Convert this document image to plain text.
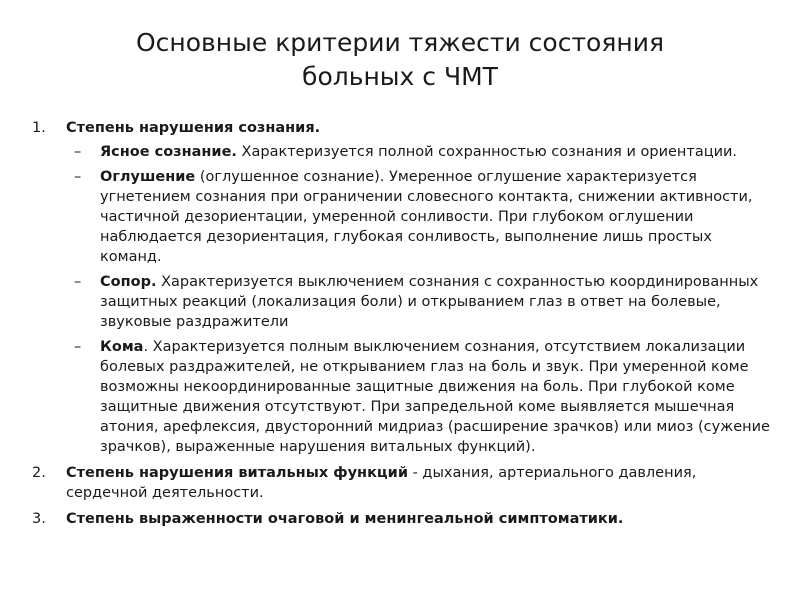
Основные критерии тяжести состояния
больных с ЧМТ
1.	Степень нарушения сознания.
– Ясное сознание. Характеризуется полной сохранностью сознания и ориентации.
– Оглушение (оглушенное сознание). Умеренное оглушение характеризуется угнетением сознания при ограничении словесного контакта, снижении активности, частичной дезориентации, умеренной сонливости. При глубоком оглушении наблюдается дезориентация, глубокая сонливость, выполнение лишь простых команд.
– Сопор. Характеризуется выключением сознания с сохранностью координированных защитных реакций (локализация боли) и открыванием глаз в ответ на болевые, звуковые раздражители
– Кома. Характеризуется полным выключением сознания, отсутствием локализации болевых раздражителей, не открыванием глаз на боль и звук. При умеренной коме возможны некоординированные защитные движения на боль. При глубокой коме защитные движения отсутствуют. При запредельной коме выявляется мышечная атония, арефлексия, двусторонний мидриаз (расширение зрачков) или миоз (сужение зрачков), выраженные нарушения витальных функций).
2.	Степень нарушения витальных функций - дыхания, артериального давления, сердечной деятельности.
3.	Степень выраженности очаговой и менингеальной симптоматики.
